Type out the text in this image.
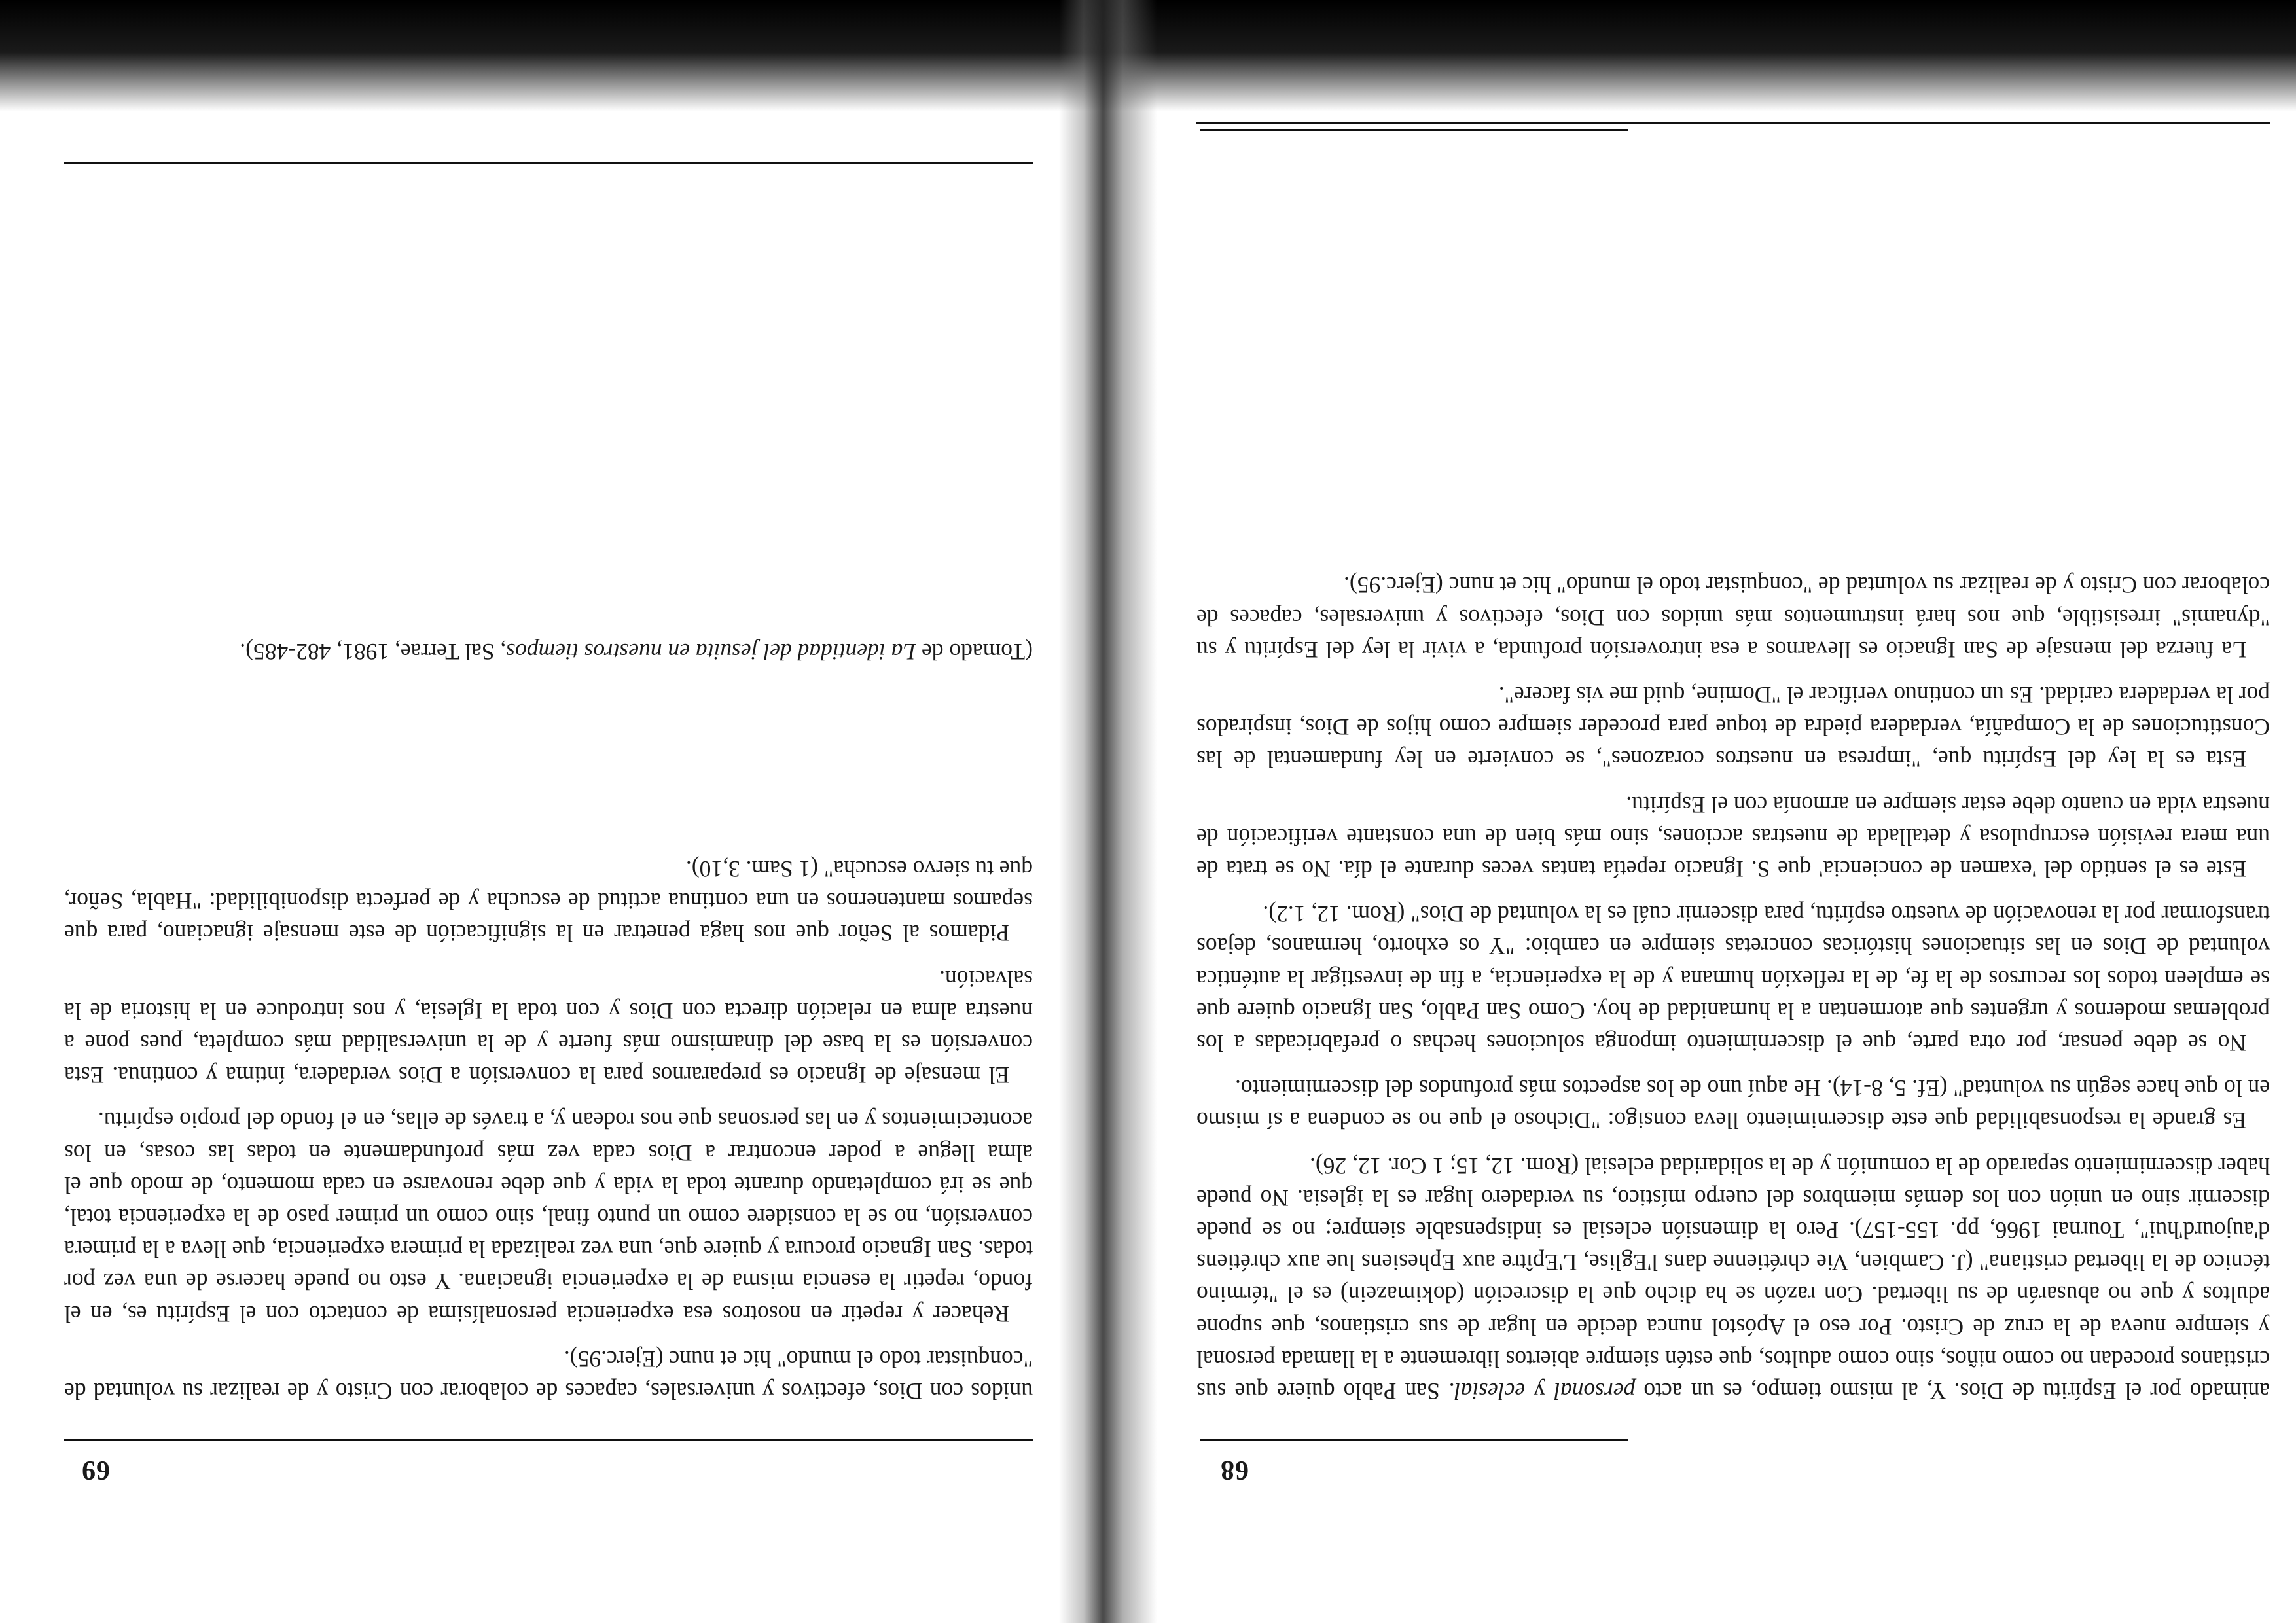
68

animado por el Espíritu de Dios. Y, al mismo tiempo, es un acto personal y eclesial. San Pablo quiere que sus cristianos procedan no como niños, sino como adultos, que estén siempre abiertos libremente a la llamada personal y siempre nueva de la cruz de Cristo. Por eso el Apóstol nunca decide en lugar de sus cristianos, que supone adultos y que no abusarán de su libertad. Con razón se ha dicho que la discreción (dokimazein) es el "término técnico de la libertad cristiana" (J. Cambien, Vie chrétienne dans l'Eglise, L'Epître aux Ephesiens lue aux chrétiens d'aujourd'hui", Tournai 1966, pp. 155-157). Pero la dimensión eclesial es indispensable siempre; no se puede discernir sino en unión con los demás miembros del cuerpo místico, su verdadero lugar es la iglesia. No puede haber discernimiento separado de la comunión y de la solidaridad eclesial (Rom. 12, 15; 1 Cor. 12, 26).

Es grande la responsabilidad que este discernimiento lleva consigo: "Dichoso el que no se condena a sí mismo en lo que hace según su voluntad" (Ef. 5, 8-14). He aquí uno de los aspectos más profundos del discernimiento.

No se debe pensar, por otra parte, que el discernimiento imponga soluciones hechas o prefabricadas a los problemas modernos y urgentes que atormentan a la humanidad de hoy. Como San Pablo, San Ignacio quiere que se empleen todos los recursos de la fe, de la reflexión humana y de la experiencia, a fin de investigar la auténtica voluntad de Dios en las situaciones históricas concretas siempre en cambio: "Y os exhorto, hermanos, dejaos transformar por la renovación de vuestro espíritu, para discernir cuál es la voluntad de Dios" (Rom. 12, 1.2).

Este es el sentido del 'examen de conciencia' que S. Ignacio repetía tantas veces durante el día. No se trata de una mera revisión escrupulosa y detallada de nuestras acciones, sino más bien de una constante verificación de nuestra vida en cuanto debe estar siempre en armonía con el Espíritu.

Esta es la ley del Espíritu que, "impresa en nuestros corazones", se convierte en ley fundamental de las Constituciones de la Compañía, verdadera piedra de toque para proceder siempre como hijos de Dios, inspirados por la verdadera caridad. Es un continuo verificar el "Domine, quid me vis facere".

La fuerza del mensaje de San Ignacio es llevarnos a esa introversión profunda, a vivir la ley del Espíritu y su "dynamis" irresistible, que nos hará instrumentos más unidos con Dios, efectivos y universales, capaces de colaborar con Cristo y de realizar su voluntad de "conquistar todo el mundo" hic et nunc (Ejerc.95).

69

unidos con Dios, efectivos y universales, capaces de colaborar con Cristo y de realizar su voluntad de "conquistar todo el mundo" hic et nunc (Ejerc.95).

Rehacer y repetir en nosotros esa experiencia personalísima de contacto con el Espíritu es, en el fondo, repetir la esencia misma de la experiencia ignaciana. Y esto no puede hacerse de una vez por todas. San Ignacio procura y quiere que, una vez realizada la primera experiencia, que lleva a la primera conversión, no se la considere como un punto final, sino como un primer paso de la experiencia total, que se irá completando durante toda la vida y que debe renovarse en cada momento, de modo que el alma llegue a poder encontrar a Dios cada vez más profundamente en todas las cosas, en los acontecimientos y en las personas que nos rodean y, a través de ellas, en el fondo del propio espíritu.

El mensaje de Ignacio es prepararnos para la conversión a Dios verdadera, íntima y continua. Esta conversión es la base del dinamismo más fuerte y de la universalidad más completa, pues pone a nuestra alma en relación directa con Dios y con toda la Iglesia, y nos introduce en la historia de la salvación.

Pidamos al Señor que nos haga penetrar en la significación de este mensaje ignaciano, para que sepamos mantenernos en una continua actitud de escucha y de perfecta disponibilidad: "Habla, Señor, que tu siervo escucha" (1 Sam. 3,10).

(Tomado de La identidad del jesuita en nuestros tiempos, Sal Terrae, 1981, 482-485).
